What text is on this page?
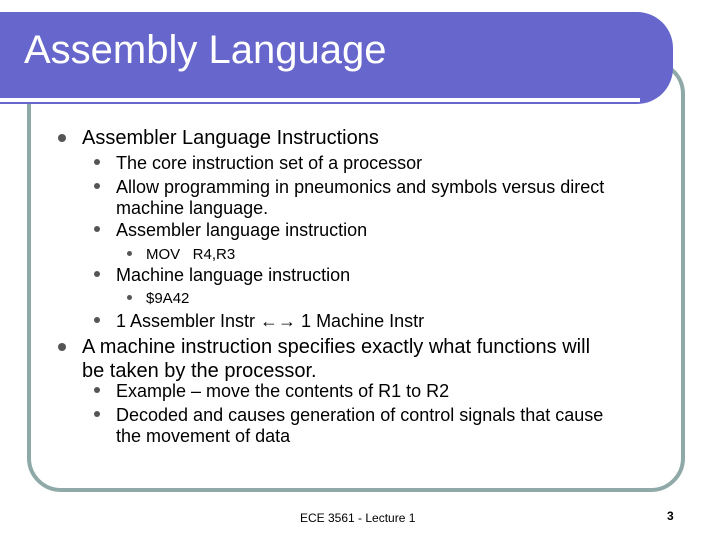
Assembly Language
Assembler Language Instructions
The core instruction set of a processor
Allow programming in pneumonics and symbols versus direct
machine language.
Assembler language instruction
MOV   R4,R3
Machine language instruction
$9A42
1 Assembler Instr ←→ 1 Machine Instr
A machine instruction specifies exactly what functions will
be taken by the processor.
Example – move the contents of R1 to R2
Decoded and causes generation of control signals that cause
the movement of data
ECE 3561 - Lecture 1	3
